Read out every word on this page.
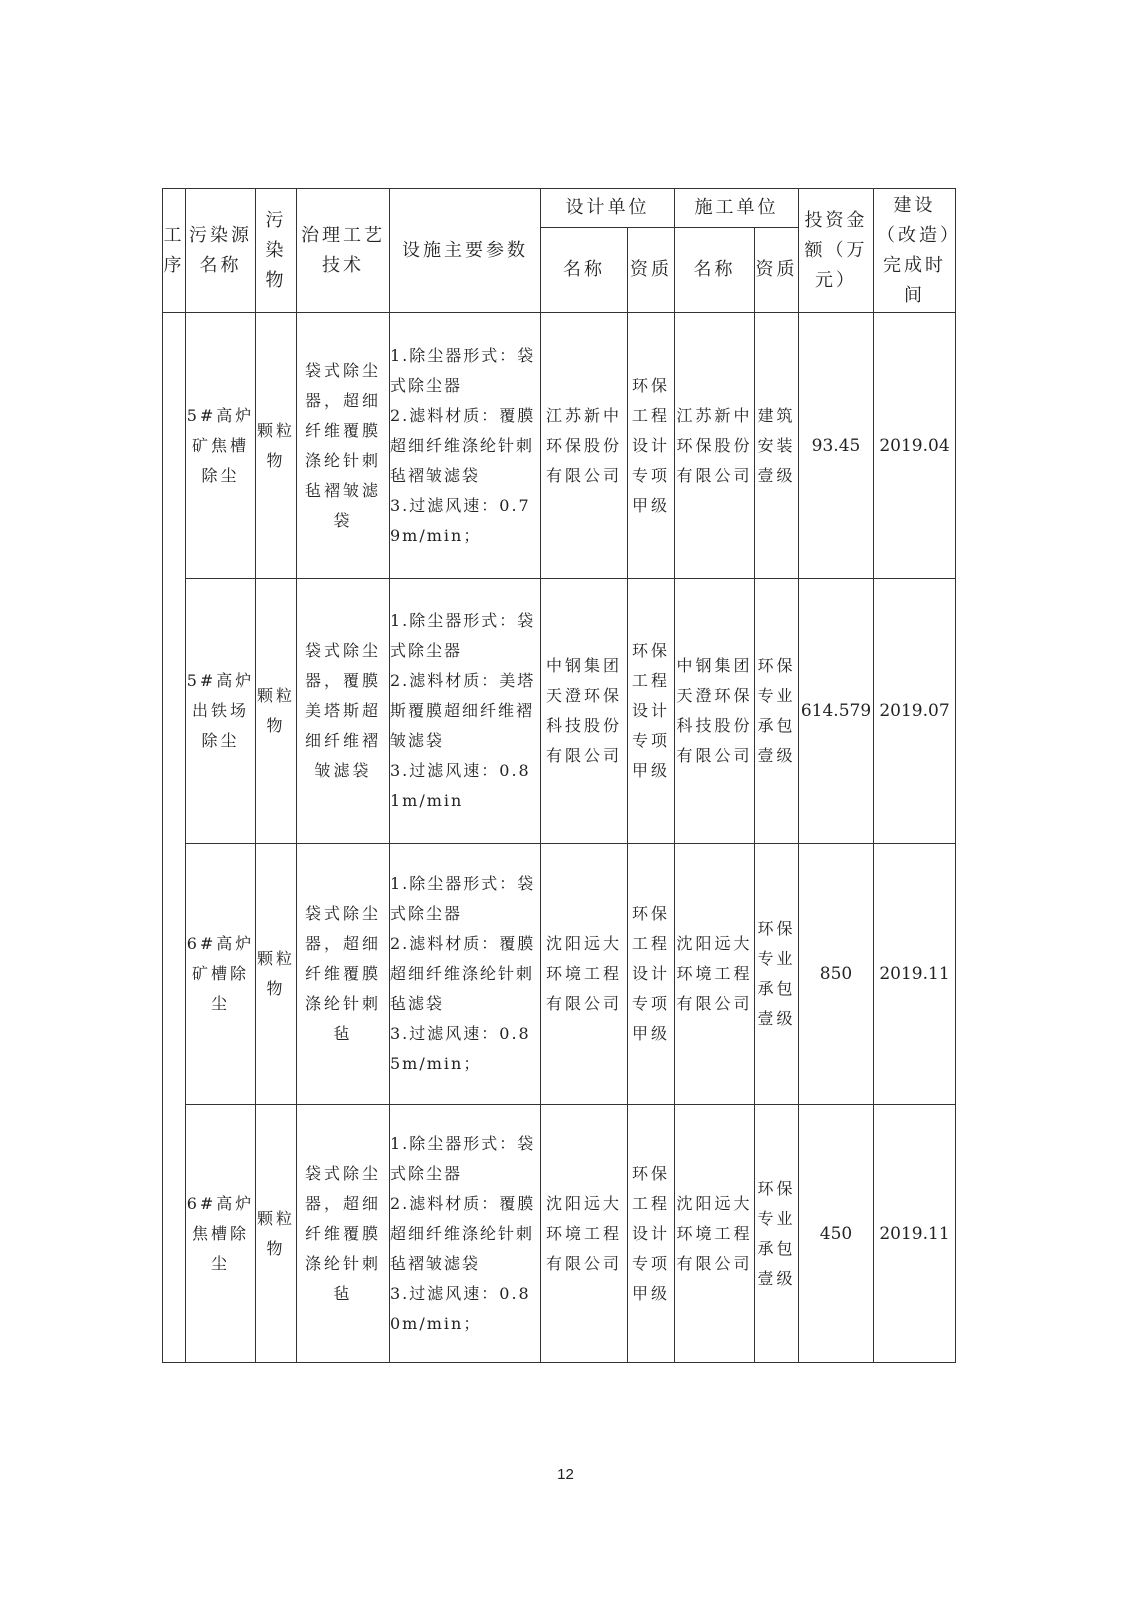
工序	污染源名称	污染物	治理工艺技术	设施主要参数	设计单位		施工单位		投资金额（万元）	建设（改造）完成时间
					名称	资质	名称	资质		
	5#高炉矿焦槽除尘	颗粒物	袋式除尘器，超细纤维覆膜涤纶针刺毡褶皱滤袋	1.除尘器形式：袋式除尘器
2.滤料材质：覆膜超细纤维涤纶针刺毡褶皱滤袋
3.过滤风速：0.79m/min；	江苏新中环保股份有限公司	环保工程设计专项甲级	江苏新中环保股份有限公司	建筑安装壹级	93.45	2019.04
	5#高炉出铁场除尘	颗粒物	袋式除尘器，覆膜美塔斯超细纤维褶皱滤袋	1.除尘器形式：袋式除尘器
2.滤料材质：美塔斯覆膜超细纤维褶皱滤袋
3.过滤风速：0.81m/min	中钢集团天澄环保科技股份有限公司	环保工程设计专项甲级	中钢集团天澄环保科技股份有限公司	环保专业承包壹级	614.579	2019.07
	6#高炉矿槽除尘	颗粒物	袋式除尘器，超细纤维覆膜涤纶针刺毡	1.除尘器形式：袋式除尘器
2.滤料材质：覆膜超细纤维涤纶针刺毡滤袋
3.过滤风速：0.85m/min；	沈阳远大环境工程有限公司	环保工程设计专项甲级	沈阳远大环境工程有限公司	环保专业承包壹级	850	2019.11
	6#高炉焦槽除尘	颗粒物	袋式除尘器，超细纤维覆膜涤纶针刺毡	1.除尘器形式：袋式除尘器
2.滤料材质：覆膜超细纤维涤纶针刺毡褶皱滤袋
3.过滤风速：0.80m/min；	沈阳远大环境工程有限公司	环保工程设计专项甲级	沈阳远大环境工程有限公司	环保专业承包壹级	450	2019.11
12
